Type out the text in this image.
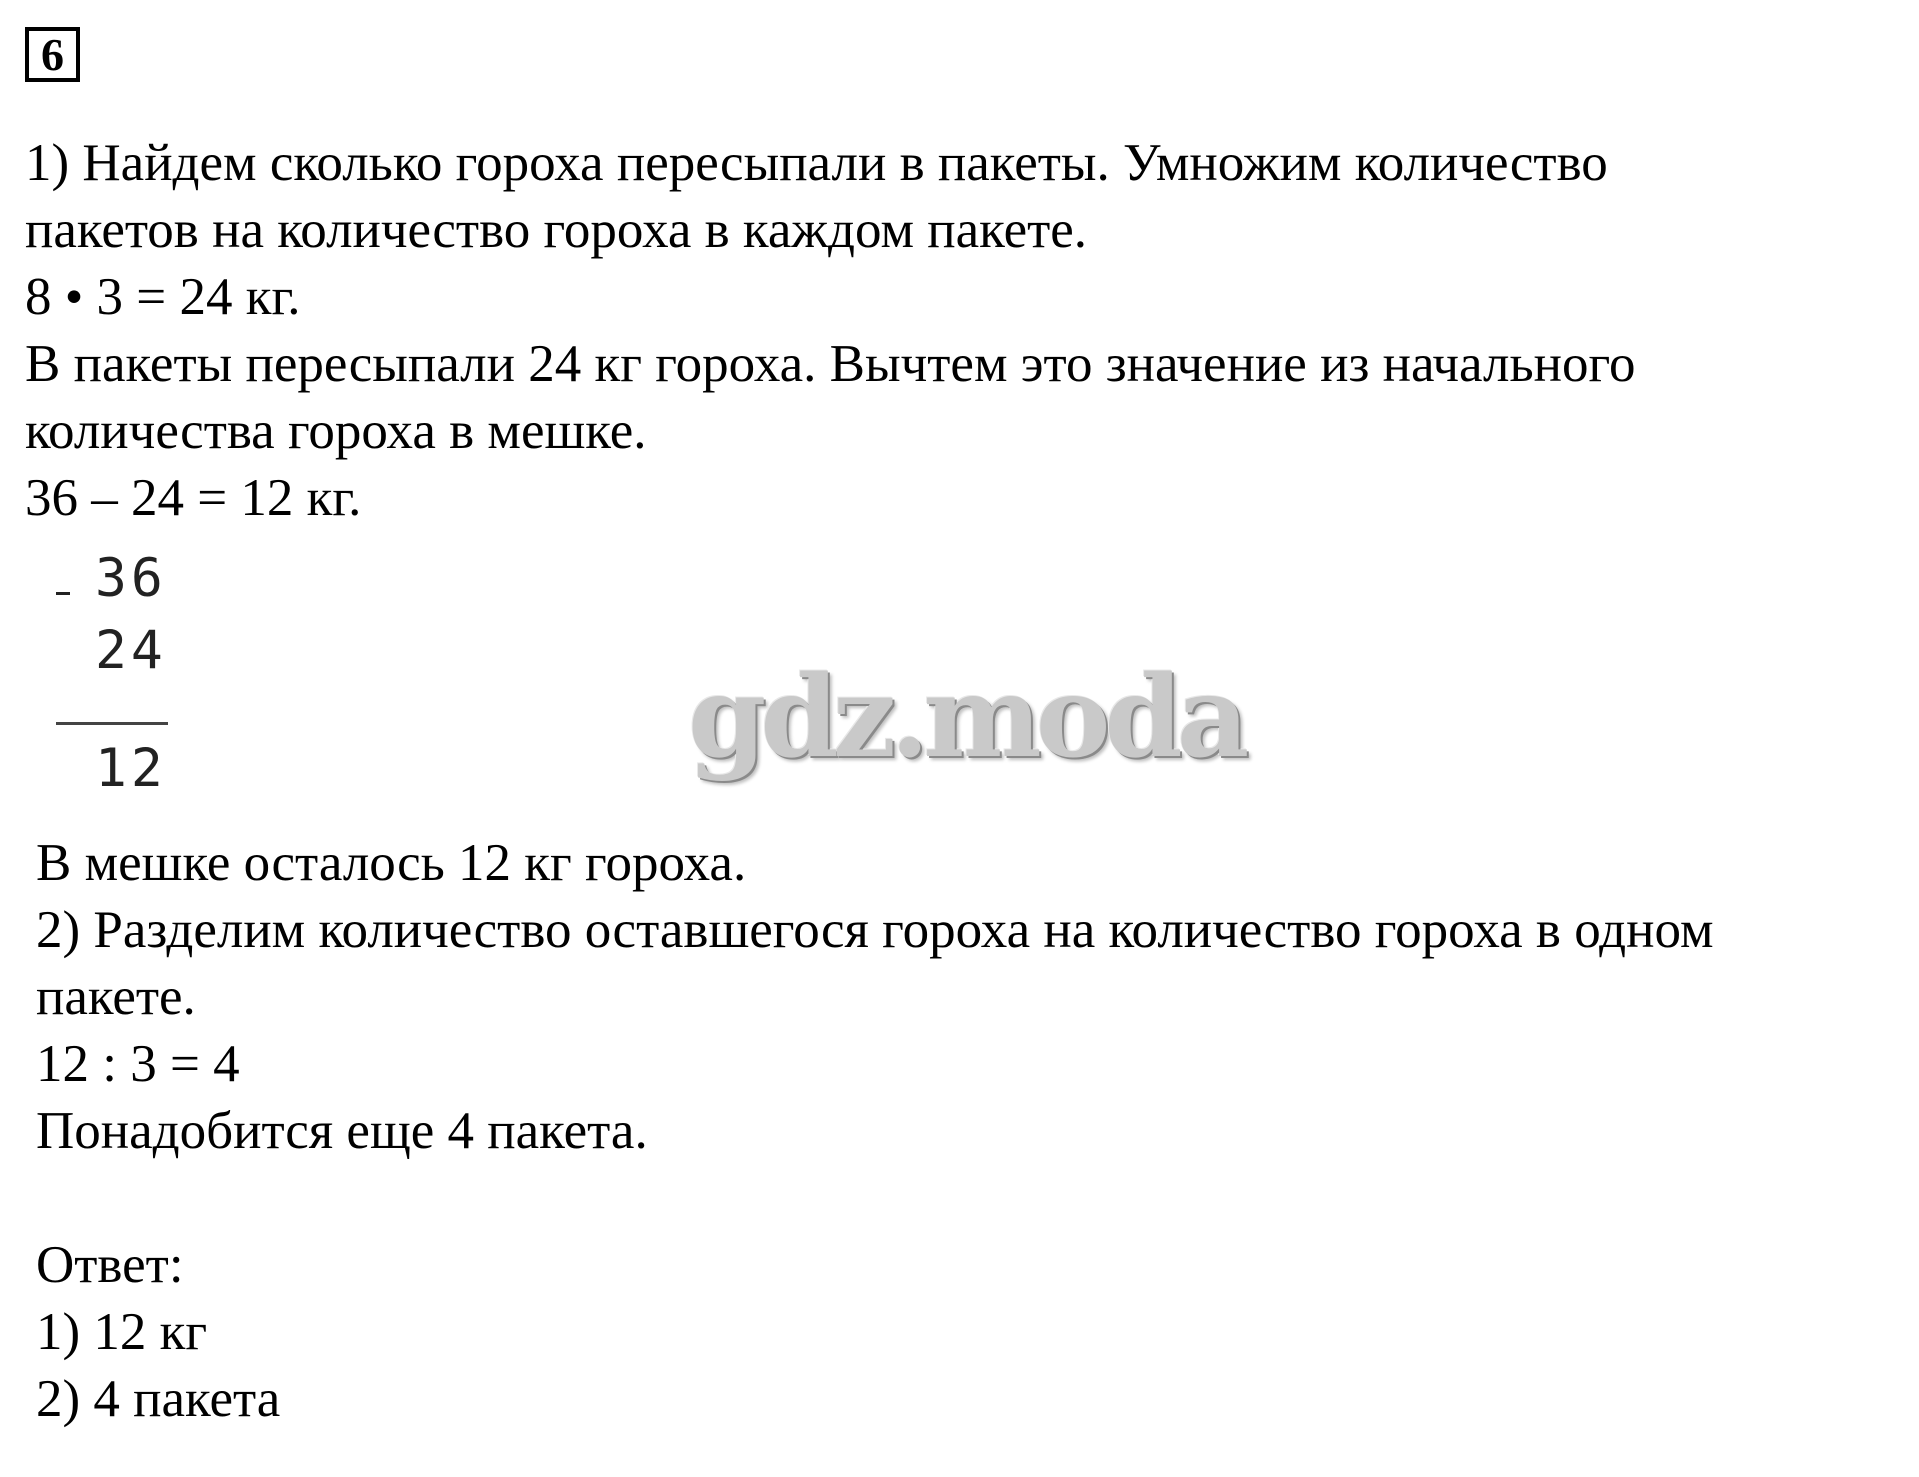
6
1) Найдем сколько гороха пересыпали в пакеты. Умножим количество
пакетов на количество гороха в каждом пакете.
8 • 3 = 24 кг.
В пакеты пересыпали 24 кг гороха. Вычтем это значение из начального
количества гороха в мешке.
36 – 24 = 12 кг.
36
24
12	gdz.moda
В мешке осталось 12 кг гороха.
2) Разделим количество оставшегося гороха на количество гороха в одном
пакете.
12 : 3 = 4
Понадобится еще 4 пакета.
Ответ:
1) 12 кг
2) 4 пакета
